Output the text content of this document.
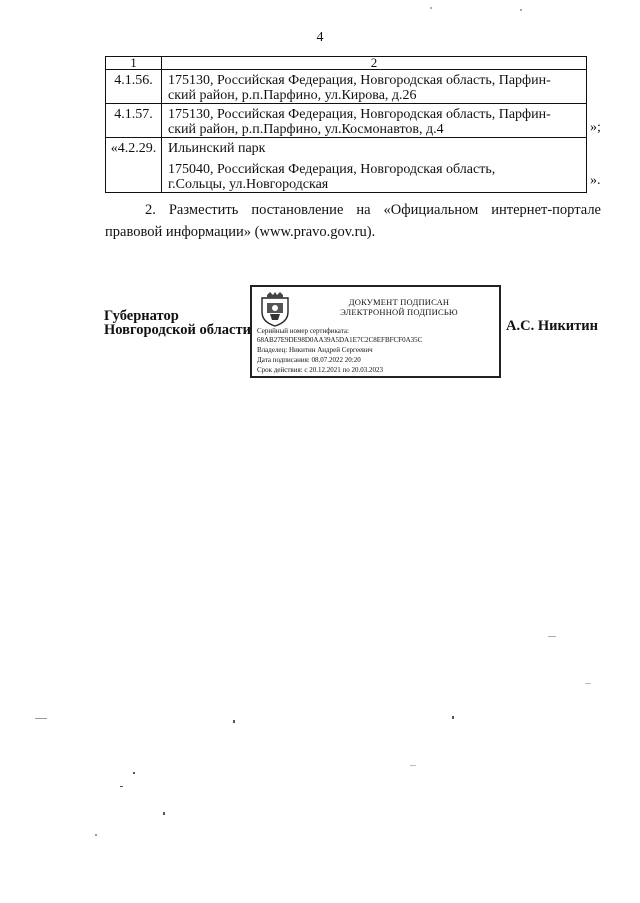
4
1	2
4.1.56.	175130, Российская Федерация, Новгородская область, Парфин-
ский район, р.п.Парфино, ул.Кирова, д.26

4.1.57.	175130, Российская Федерация, Новгородская область, Парфин-
ский район, р.п.Парфино, ул.Космонавтов, д.4

«4.2.29.	Ильинский парк
175040, Российская Федерация, Новгородская область,
г.Сольцы, ул.Новгородская
»;
».
2. Разместить постановление на «Официальном интернет-портале
правовой информации» (www.pravo.gov.ru).
Губернатор
Новгородской области	А.С. Никитин
ДОКУМЕНТ ПОДПИСАН
ЭЛЕКТРОННОЙ ПОДПИСЬЮ
Серийный номер сертификата:
68AB27E9DE98D0AA39A5DA1E7C2C8EFBFCF0A35C
Владелец: Никитин Андрей Сергеевич
Дата подписания: 08.07.2022 20:20
Срок действия: с 20.12.2021 по 20.03.2023
